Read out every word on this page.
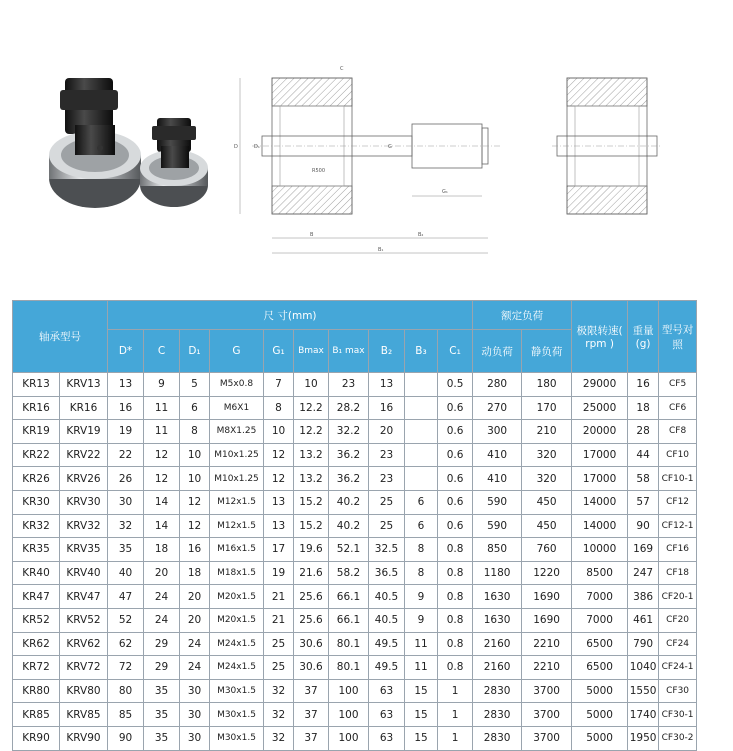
D	D₁
R500
G
G₁
B	B₂
B₁
C
轴承型号		尺 寸(mm)										额定负荷		极限转速( rpm )	重量(g)	型号对照
		D*	C	D₁	G	G₁	Bmax	B₁ max	B₂	B₃	C₁	动负荷	静负荷			
KR13	KRV13	13	9	5	M5x0.8	7	10	23	13		0.5	280	180	29000	16	CF5
KR16	KR16	16	11	6	M6X1	8	12.2	28.2	16		0.6	270	170	25000	18	CF6
KR19	KRV19	19	11	8	M8X1.25	10	12.2	32.2	20		0.6	300	210	20000	28	CF8
KR22	KRV22	22	12	10	M10x1.25	12	13.2	36.2	23		0.6	410	320	17000	44	CF10
KR26	KRV26	26	12	10	M10x1.25	12	13.2	36.2	23		0.6	410	320	17000	58	CF10-1
KR30	KRV30	30	14	12	M12x1.5	13	15.2	40.2	25	6	0.6	590	450	14000	57	CF12
KR32	KRV32	32	14	12	M12x1.5	13	15.2	40.2	25	6	0.6	590	450	14000	90	CF12-1
KR35	KRV35	35	18	16	M16x1.5	17	19.6	52.1	32.5	8	0.8	850	760	10000	169	CF16
KR40	KRV40	40	20	18	M18x1.5	19	21.6	58.2	36.5	8	0.8	1180	1220	8500	247	CF18
KR47	KRV47	47	24	20	M20x1.5	21	25.6	66.1	40.5	9	0.8	1630	1690	7000	386	CF20-1
KR52	KRV52	52	24	20	M20x1.5	21	25.6	66.1	40.5	9	0.8	1630	1690	7000	461	CF20
KR62	KRV62	62	29	24	M24x1.5	25	30.6	80.1	49.5	11	0.8	2160	2210	6500	790	CF24
KR72	KRV72	72	29	24	M24x1.5	25	30.6	80.1	49.5	11	0.8	2160	2210	6500	1040	CF24-1
KR80	KRV80	80	35	30	M30x1.5	32	37	100	63	15	1	2830	3700	5000	1550	CF30
KR85	KRV85	85	35	30	M30x1.5	32	37	100	63	15	1	2830	3700	5000	1740	CF30-1
KR90	KRV90	90	35	30	M30x1.5	32	37	100	63	15	1	2830	3700	5000	1950	CF30-2
